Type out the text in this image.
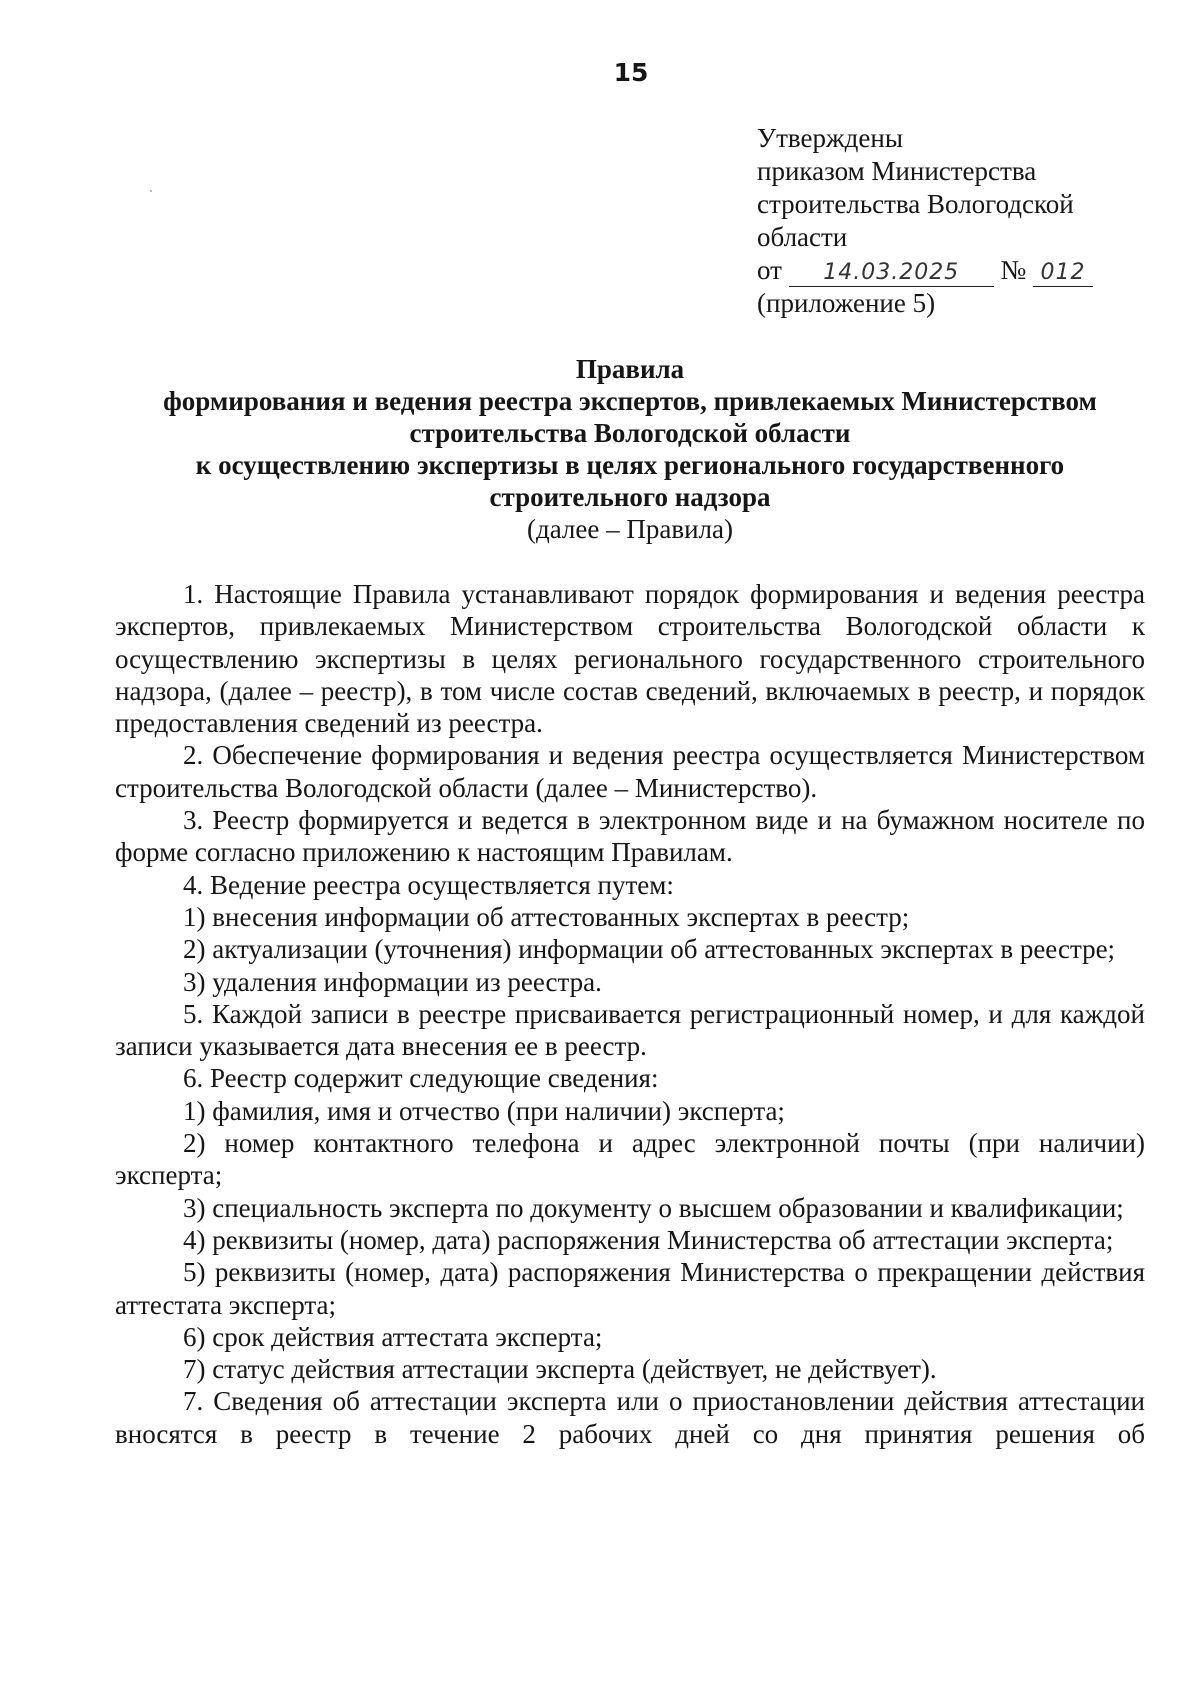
15
Утверждены
приказом Министерства
строительства Вологодской
области
от 14.03.2025 № 012
(приложение 5)
Правила
формирования и ведения реестра экспертов, привлекаемых Министерством
строительства Вологодской области
к осуществлению экспертизы в целях регионального государственного
строительного надзора
(далее – Правила)

1. Настоящие Правила устанавливают порядок формирования и ведения реестра экспертов, привлекаемых Министерством строительства Вологодской области к осуществлению экспертизы в целях регионального государственного строительного надзора, (далее – реестр), в том числе состав сведений, включаемых в реестр, и порядок предоставления сведений из реестра.

2. Обеспечение формирования и ведения реестра осуществляется Министерством строительства Вологодской области (далее – Министерство).

3. Реестр формируется и ведется в электронном виде и на бумажном носителе по форме согласно приложению к настоящим Правилам.

4. Ведение реестра осуществляется путем:

1) внесения информации об аттестованных экспертах в реестр;

2) актуализации (уточнения) информации об аттестованных экспертах в реестре;

3) удаления информации из реестра.

5. Каждой записи в реестре присваивается регистрационный номер, и для каждой записи указывается дата внесения ее в реестр.

6. Реестр содержит следующие сведения:

1) фамилия, имя и отчество (при наличии) эксперта;

2) номер контактного телефона и адрес электронной почты (при наличии) эксперта;

3) специальность эксперта по документу о высшем образовании и квалификации;

4) реквизиты (номер, дата) распоряжения Министерства об аттестации эксперта;

5) реквизиты (номер, дата) распоряжения Министерства о прекращении действия аттестата эксперта;

6) срок действия аттестата эксперта;

7) статус действия аттестации эксперта (действует, не действует).

7. Сведения об аттестации эксперта или о приостановлении действия аттестации вносятся в реестр в течение 2 рабочих дней со дня принятия решения об
